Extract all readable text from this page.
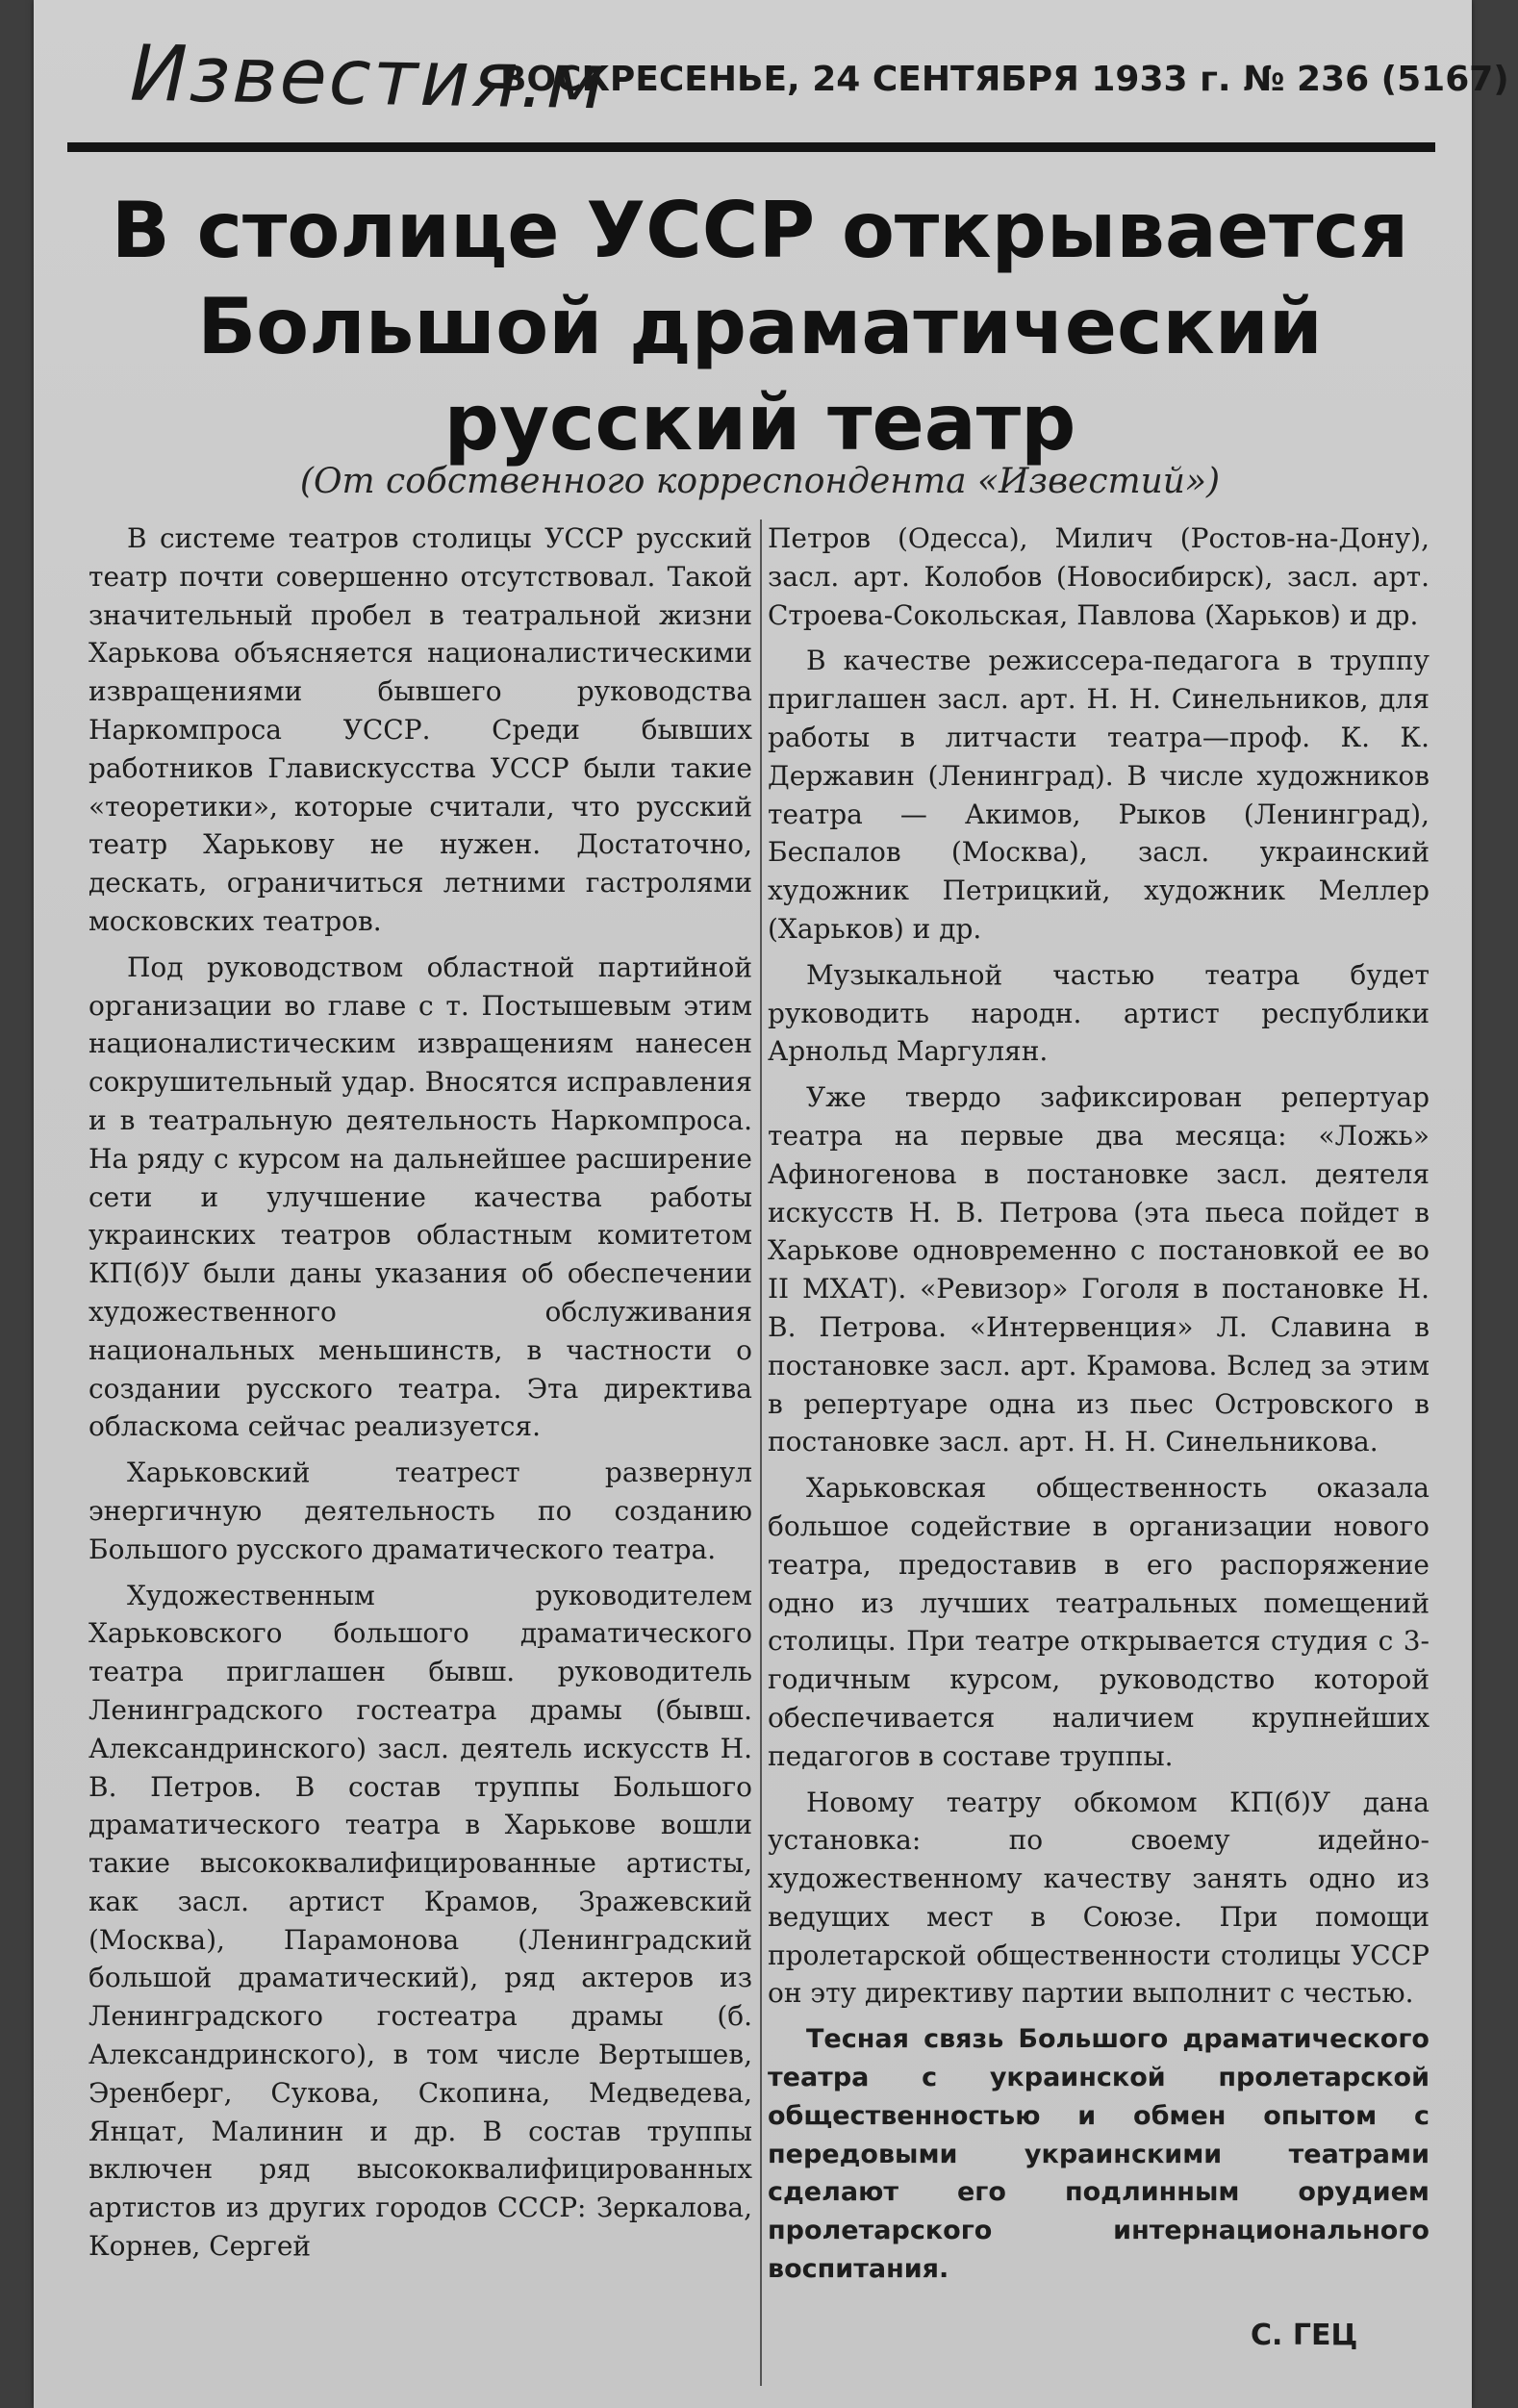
Известия.м
ВОСКРЕСЕНЬЕ, 24 СЕНТЯБРЯ 1933 г. № 236 (5167)
В столице УССР открывается
Большой драматический
русский театр
(От собственного корреспондента «Известий»)

В системе театров столицы УССР русский театр почти совершенно отсутствовал. Такой значительный пробел в театральной жизни Харькова объясняется националистическими извращениями бывшего руководства Наркомпроса УССР. Среди бывших работников Главискусства УССР были такие «теоретики», которые считали, что русский театр Харькову не нужен. Достаточно, дескать, ограничиться летними гастролями московских театров.

Под руководством областной партийной организации во главе с т. Постышевым этим националистическим извращениям нанесен сокрушительный удар. Вносятся исправления и в театральную деятельность Наркомпроса. На ряду с курсом на дальнейшее расширение сети и улучшение качества работы украинских театров областным комитетом КП(б)У были даны указания об обеспечении художественного обслуживания национальных меньшинств, в частности о создании русского театра. Эта директива обласкома сейчас реализуется.

Харьковский театрест развернул энергичную деятельность по созданию Большого русского драматического театра.

Художественным руководителем Харьковского большого драматического театра приглашен бывш. руководитель Ленинградского гостеатра драмы (бывш. Александринского) засл. деятель искусств Н. В. Петров. В состав труппы Большого драматического театра в Харькове вошли такие высококвалифицированные артисты, как засл. артист Крамов, Зражевский (Москва), Парамонова (Ленинградский большой драматический), ряд актеров из Ленинградского гостеатра драмы (б. Александринского), в том числе Вертышев, Эренберг, Сукова, Скопина, Медведева, Янцат, Малинин и др. В состав труппы включен ряд высококвалифицированных артистов из других городов СССР: Зеркалова, Корнев, Сергей

Петров (Одесса), Милич (Ростов-на-Дону), засл. арт. Колобов (Новосибирск), засл. арт. Строева-Сокольская, Павлова (Харьков) и др.

В качестве режиссера-педагога в труппу приглашен засл. арт. Н. Н. Синельников, для работы в литчасти театра—проф. К. К. Державин (Ленинград). В числе художников театра — Акимов, Рыков (Ленинград), Беспалов (Москва), засл. украинский художник Петрицкий, художник Меллер (Харьков) и др.

Музыкальной частью театра будет руководить народн. артист республики Арнольд Маргулян.

Уже твердо зафиксирован репертуар театра на первые два месяца: «Ложь» Афиногенова в постановке засл. деятеля искусств Н. В. Петрова (эта пьеса пойдет в Харькове одновременно с постановкой ее во II МХАТ). «Ревизор» Гоголя в постановке Н. В. Петрова. «Интервенция» Л. Славина в постановке засл. арт. Крамова. Вслед за этим в репертуаре одна из пьес Островского в постановке засл. арт. Н. Н. Синельникова.

Харьковская общественность оказала большое содействие в организации нового театра, предоставив в его распоряжение одно из лучших театральных помещений столицы. При театре открывается студия с 3-годичным курсом, руководство которой обеспечивается наличием крупнейших педагогов в составе труппы.

Новому театру обкомом КП(б)У дана установка: по своему идейно-художественному качеству занять одно из ведущих мест в Союзе. При помощи пролетарской общественности столицы УССР он эту директиву партии выполнит с честью.

Тесная связь Большого драматического театра с украинской пролетарской общественностью и обмен опытом с передовыми украинскими театрами сделают его подлинным орудием пролетарского интернационального воспитания.

С. ГЕЦ
